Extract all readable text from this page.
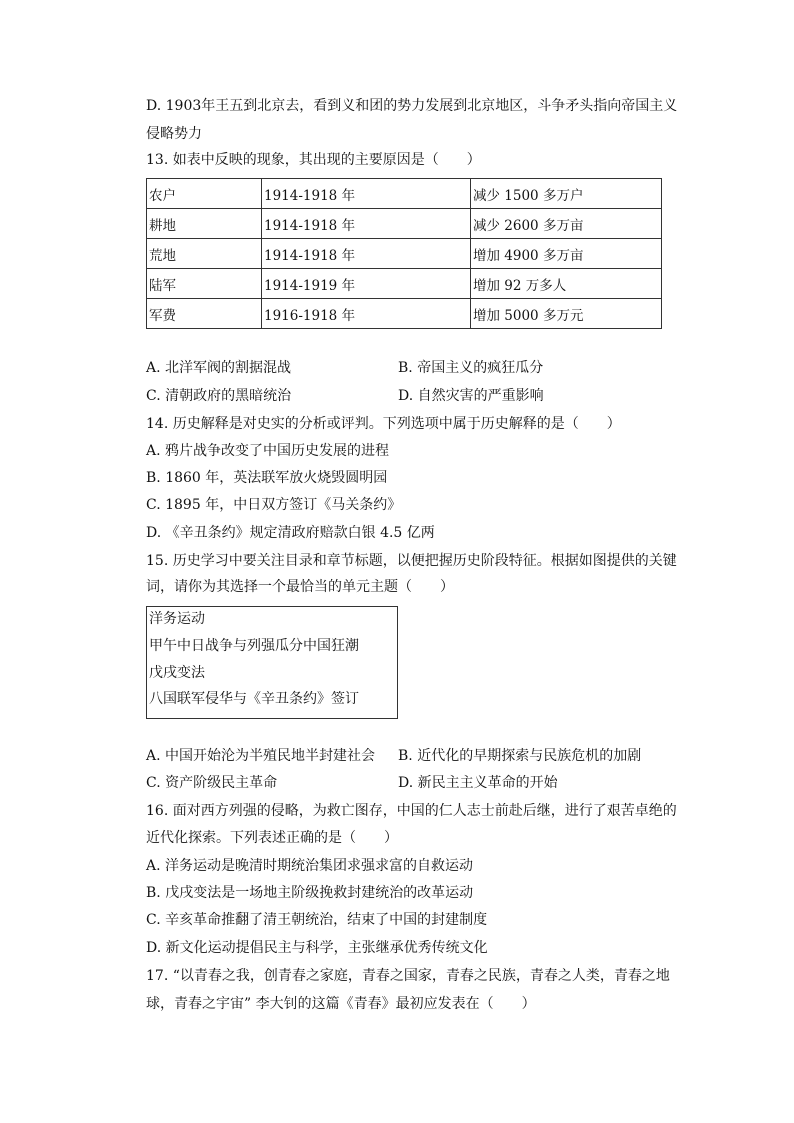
D. 1903年王五到北京去，看到义和团的势力发展到北京地区，斗争矛头指向帝国主义
侵略势力
13. 如表中反映的现象，其出现的主要原因是（　　）
农户	1914-1918 年	减少 1500 多万户
耕地	1914-1918 年	减少 2600 多万亩
荒地	1914-1918 年	增加 4900 多万亩
陆军	1914-1919 年	增加 92 万多人
军费	1916-1918 年	增加 5000 多万元
A. 北洋军阀的割据混战	B. 帝国主义的疯狂瓜分
C. 清朝政府的黑暗统治	D. 自然灾害的严重影响
14. 历史解释是对史实的分析或评判。下列选项中属于历史解释的是（　　）
A. 鸦片战争改变了中国历史发展的进程
B. 1860 年，英法联军放火烧毁圆明园
C. 1895 年，中日双方签订《马关条约》
D. 《辛丑条约》规定清政府赔款白银 4.5 亿两
15. 历史学习中要关注目录和章节标题，以便把握历史阶段特征。根据如图提供的关键
词，请你为其选择一个最恰当的单元主题（　　）
洋务运动
甲午中日战争与列强瓜分中国狂潮
戊戌变法
八国联军侵华与《辛丑条约》签订
A. 中国开始沦为半殖民地半封建社会 B. 近代化的早期探索与民族危机的加剧
C. 资产阶级民主革命	D. 新民主主义革命的开始
16. 面对西方列强的侵略，为救亡图存，中国的仁人志士前赴后继，进行了艰苦卓绝的
近代化探索。下列表述正确的是（　　）
A. 洋务运动是晚清时期统治集团求强求富的自救运动
B. 戊戌变法是一场地主阶级挽救封建统治的改革运动
C. 辛亥革命推翻了清王朝统治，结束了中国的封建制度
D. 新文化运动提倡民主与科学，主张继承优秀传统文化
17. “以青春之我，创青春之家庭，青春之国家，青春之民族，青春之人类，青春之地
球，青春之宇宙” 李大钊的这篇《青春》最初应发表在（　　）
